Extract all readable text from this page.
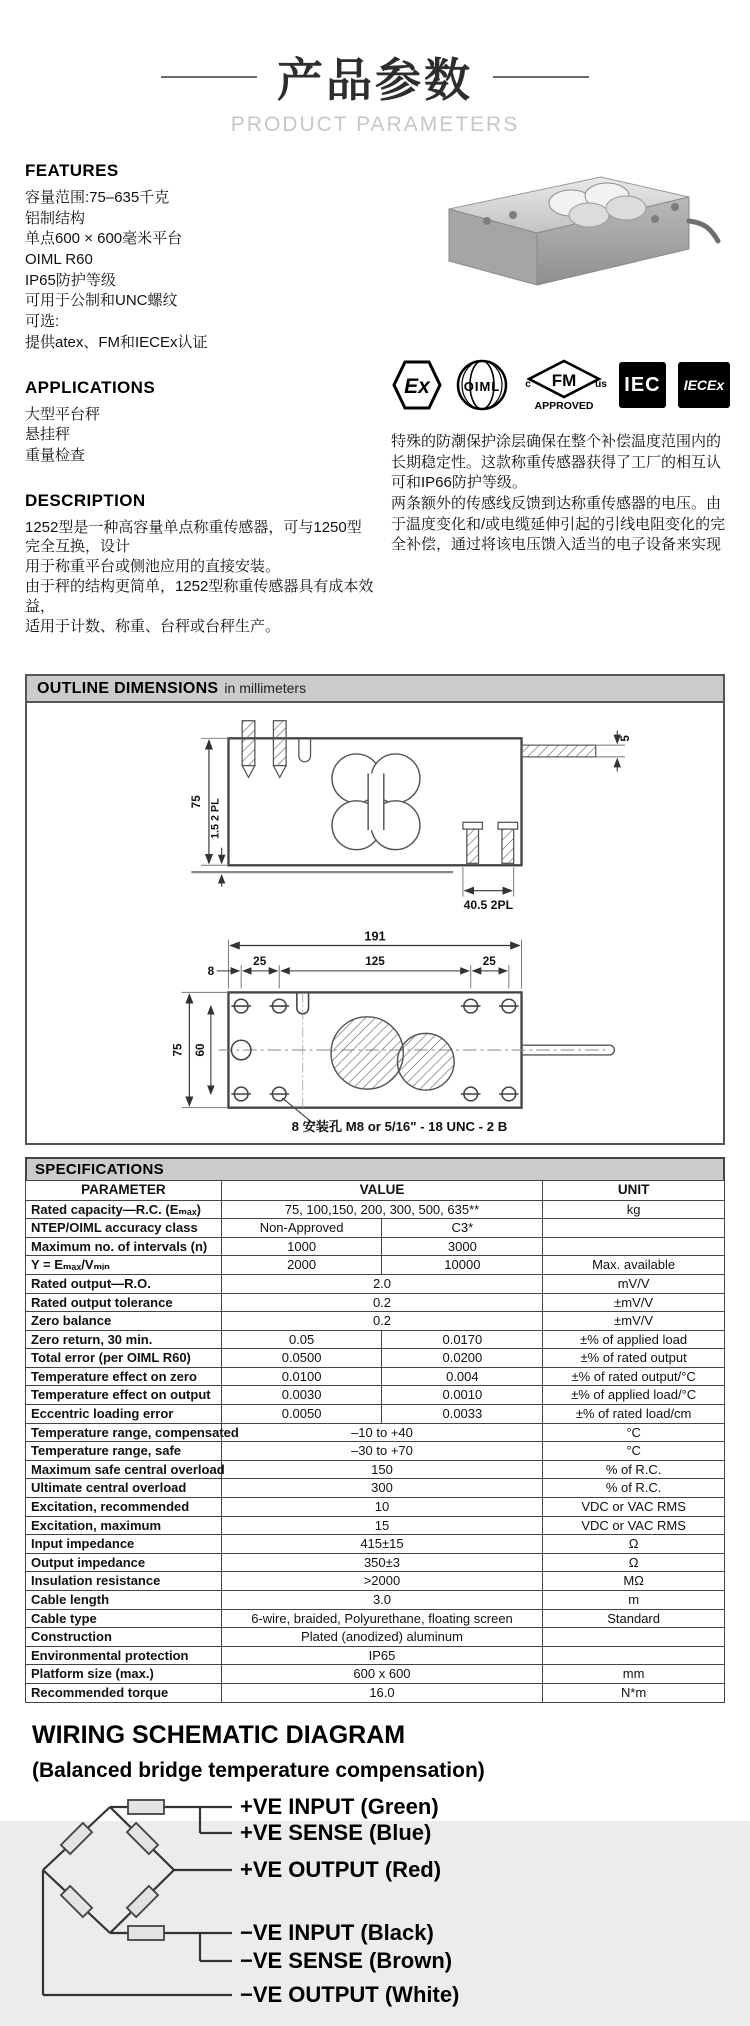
产品参数
PRODUCT PARAMETERS
FEATURES
容量范围:75–635千克
铝制结构
单点600 × 600毫米平台
OIML R60
IP65防护等级
可用于公制和UNC螺纹
可选:
提供atex、FM和IECEx认证
APPLICATIONS
大型平台秤
悬挂秤
重量检查
DESCRIPTION
1252型是一种高容量单点称重传感器，可与1250型完全互换，设计
用于称重平台或侧池应用的直接安装。
由于秤的结构更简单，1252型称重传感器具有成本效益，
适用于计数、称重、台秤或台秤生产。
Ex	OIML	FM
c	us
APPROVED
IEC IECEx
特殊的防潮保护涂层确保在整个补偿温度范围内的长期稳定性。这款称重传感器获得了工厂的相互认可和IP66防护等级。
两条额外的传感线反馈到达称重传感器的电压。由于温度变化和/或电缆延伸引起的引线电阻变化的完全补偿，通过将该电压馈入适当的电子设备来实现
OUTLINE DIMENSIONS in millimeters
75 1.5 2 PL
5
40.5 2PL

191
8
25	125	25
75 60
8 安装孔 M8 or 5/16" - 18 UNC - 2 B
SPECIFICATIONS
PARAMETER	VALUE		UNIT
Rated capacity—R.C. (Eₘₐₓ)	75, 100,150, 200, 300, 500, 635**		kg
NTEP/OIML accuracy class	Non-Approved	C3*	
Maximum no. of intervals (n)	1000	3000	
Y = Eₘₐₓ/Vₘᵢₙ	2000	10000	Max. available
Rated output—R.O.	2.0		mV/V
Rated output tolerance	0.2		±mV/V
Zero balance	0.2		±mV/V
Zero return, 30 min.	0.05	0.0170	±% of applied load
Total error (per OIML R60)	0.0500	0.0200	±% of rated output
Temperature effect on zero	0.0100	0.004	±% of rated output/°C
Temperature effect on output	0.0030	0.0010	±% of applied load/°C
Eccentric loading error	0.0050	0.0033	±% of rated load/cm
Temperature range, compensated	–10 to +40		°C
Temperature range, safe	–30 to +70		°C
Maximum safe central overload	150		% of R.C.
Ultimate central overload	300		% of R.C.
Excitation, recommended	10		VDC or VAC RMS
Excitation, maximum	15		VDC or VAC RMS
Input impedance	415±15		Ω
Output impedance	350±3		Ω
Insulation resistance	>2000		MΩ
Cable length	3.0		m
Cable type	6-wire, braided, Polyurethane, floating screen		Standard
Construction	Plated (anodized) aluminum		
Environmental protection	IP65		
Platform size (max.)	600 x 600		mm
Recommended torque	16.0		N*m
WIRING SCHEMATIC DIAGRAM
(Balanced bridge temperature compensation)
+VE INPUT (Green)
+VE SENSE (Blue)
+VE OUTPUT (Red)
−VE INPUT (Black)
−VE SENSE (Brown)
−VE OUTPUT (White)
